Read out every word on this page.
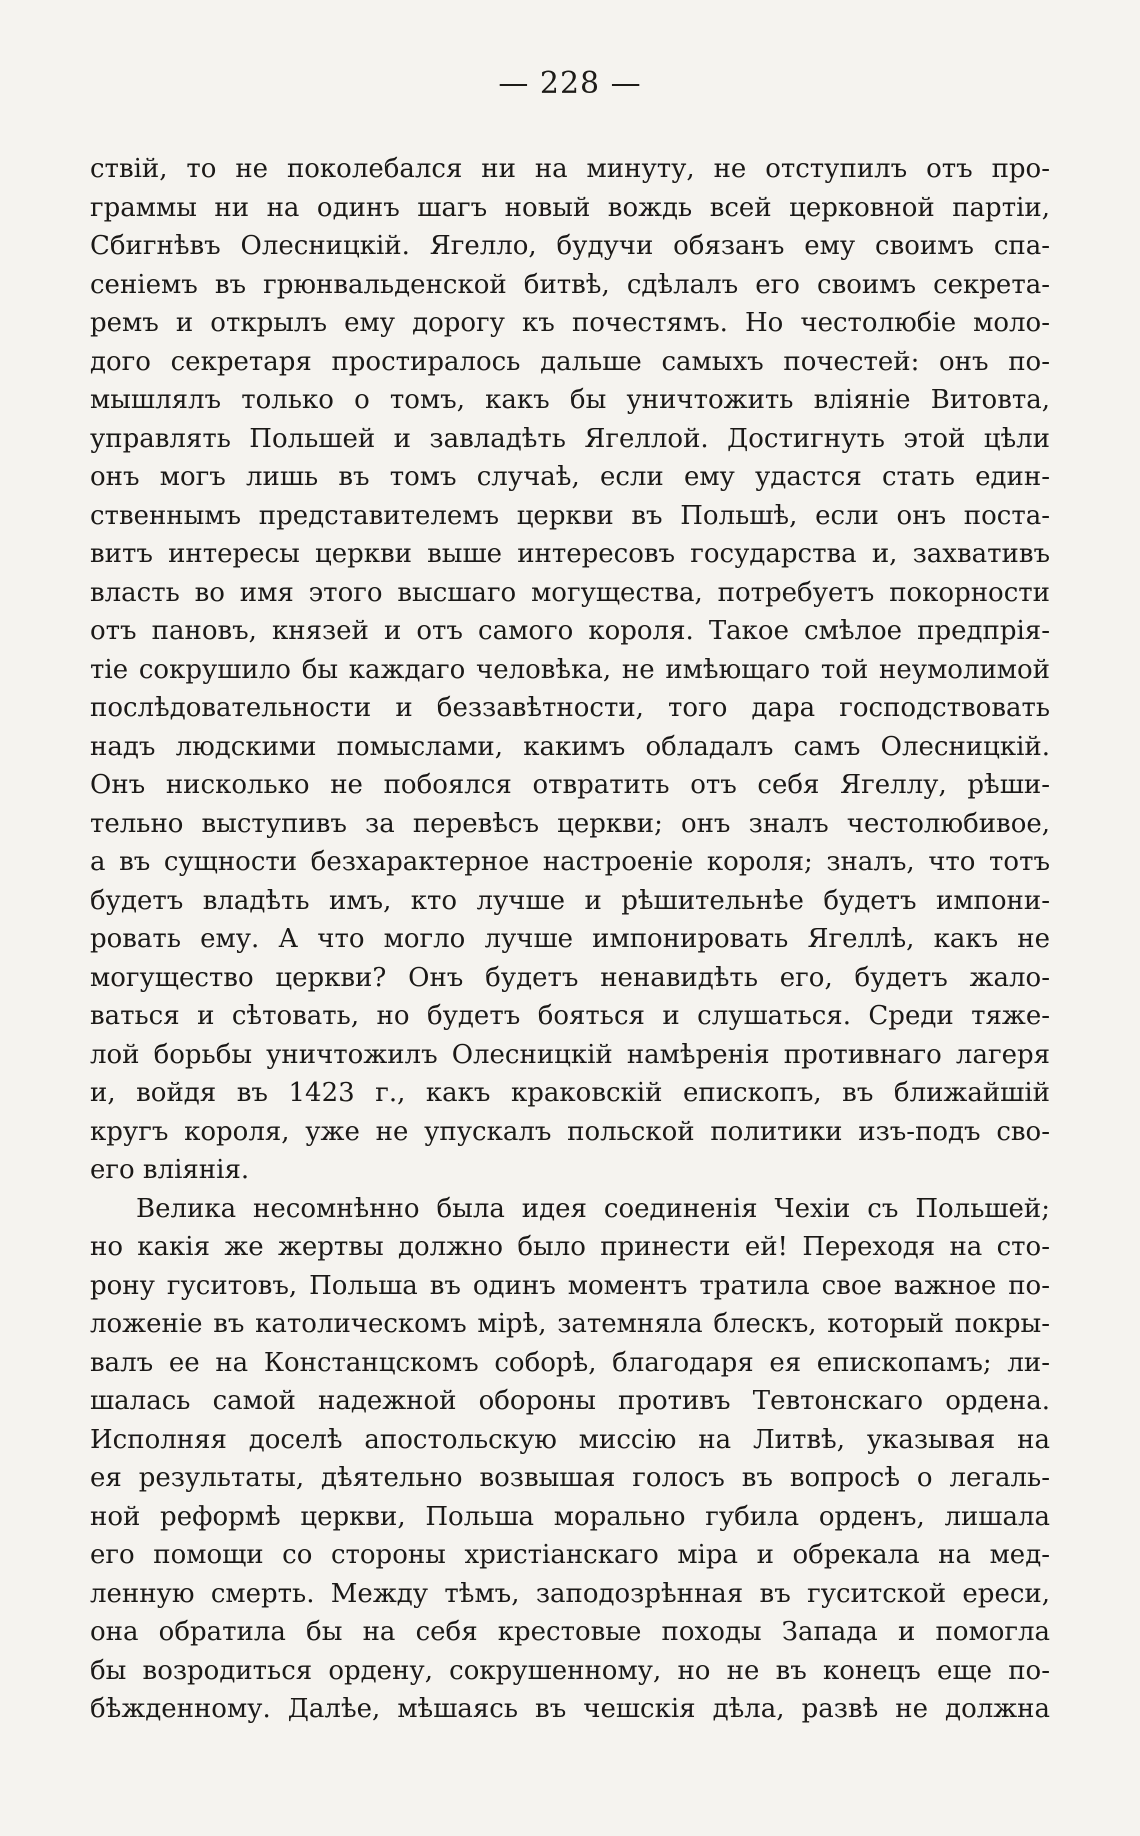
— 228 —
ствій, то не поколебался ни на минуту, не отступилъ отъ про-
граммы ни на одинъ шагъ новый вождь всей церковной партіи,
Сбигнѣвъ Олесницкій. Ягелло, будучи обязанъ ему своимъ спа-
сеніемъ въ грюнвальденской битвѣ, сдѣлалъ его своимъ секрета-
ремъ и открылъ ему дорогу къ почестямъ. Но честолюбіе моло-
дого секретаря простиралось дальше самыхъ почестей: онъ по-
мышлялъ только о томъ, какъ бы уничтожить вліяніе Витовта,
управлять Польшей и завладѣть Ягеллой. Достигнуть этой цѣли
онъ могъ лишь въ томъ случаѣ, если ему удастся стать един-
ственнымъ представителемъ церкви въ Польшѣ, если онъ поста-
витъ интересы церкви выше интересовъ государства и, захвативъ
власть во имя этого высшаго могущества, потребуетъ покорности
отъ пановъ, князей и отъ самого короля. Такое смѣлое предпрія-
тіе сокрушило бы каждаго человѣка, не имѣющаго той неумолимой
послѣдовательности и беззавѣтности, того дара господствовать
надъ людскими помыслами, какимъ обладалъ самъ Олесницкій.
Онъ нисколько не побоялся отвратить отъ себя Ягеллу, рѣши-
тельно выступивъ за перевѣсъ церкви; онъ зналъ честолюбивое,
а въ сущности безхарактерное настроеніе короля; зналъ, что тотъ
будетъ владѣть имъ, кто лучше и рѣшительнѣе будетъ импони-
ровать ему. А что могло лучше импонировать Ягеллѣ, какъ не
могущество церкви? Онъ будетъ ненавидѣть его, будетъ жало-
ваться и сѣтовать, но будетъ бояться и слушаться. Среди тяже-
лой борьбы уничтожилъ Олесницкій намѣренія противнаго лагеря
и, войдя въ 1423 г., какъ краковскій епископъ, въ ближайшій
кругъ короля, уже не упускалъ польской политики изъ-подъ сво-
его вліянія.
Велика несомнѣнно была идея соединенія Чехіи съ Польшей;
но какія же жертвы должно было принести ей! Переходя на сто-
рону гуситовъ, Польша въ одинъ моментъ тратила свое важное по-
ложеніе въ католическомъ мірѣ, затемняла блескъ, который покры-
валъ ее на Констанцскомъ соборѣ, благодаря ея епископамъ; ли-
шалась самой надежной обороны противъ Тевтонскаго ордена.
Исполняя доселѣ апостольскую миссію на Литвѣ, указывая на
ея результаты, дѣятельно возвышая голосъ въ вопросѣ о легаль-
ной реформѣ церкви, Польша морально губила орденъ, лишала
его помощи со стороны христіанскаго міра и обрекала на мед-
ленную смерть. Между тѣмъ, заподозрѣнная въ гуситской ереси,
она обратила бы на себя крестовые походы Запада и помогла
бы возродиться ордену, сокрушенному, но не въ конецъ еще по-
бѣжденному. Далѣе, мѣшаясь въ чешскія дѣла, развѣ не должна
